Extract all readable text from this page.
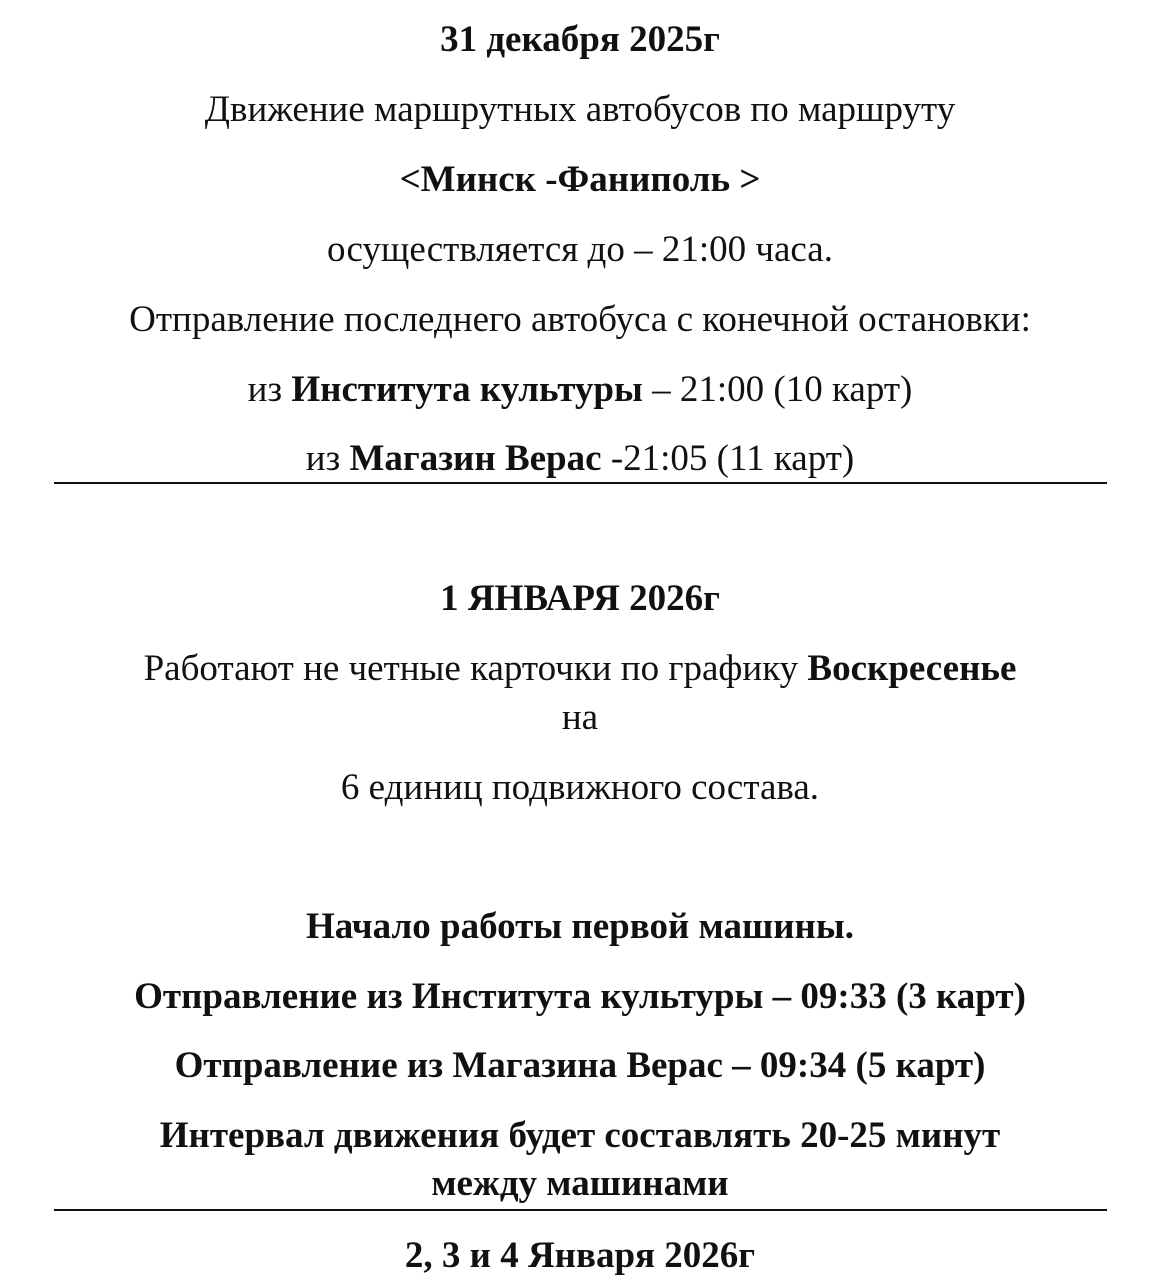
31 декабря 2025г
Движение маршрутных автобусов по маршруту
<Минск -Фаниполь >
осуществляется до – 21:00 часа.
Отправление последнего автобуса с конечной остановки:
из Института культуры – 21:00 (10 карт)
из Магазин Верас -21:05 (11 карт)
1 ЯНВАРЯ 2026г
Работают не четные карточки по графику Воскресенье
на
6 единиц подвижного состава.
Начало работы первой машины.
Отправление из Института культуры – 09:33 (3 карт)
Отправление из Магазина Верас – 09:34 (5 карт)
Интервал движения будет составлять 20-25 минут
между машинами
2, 3 и 4 Января 2026г
